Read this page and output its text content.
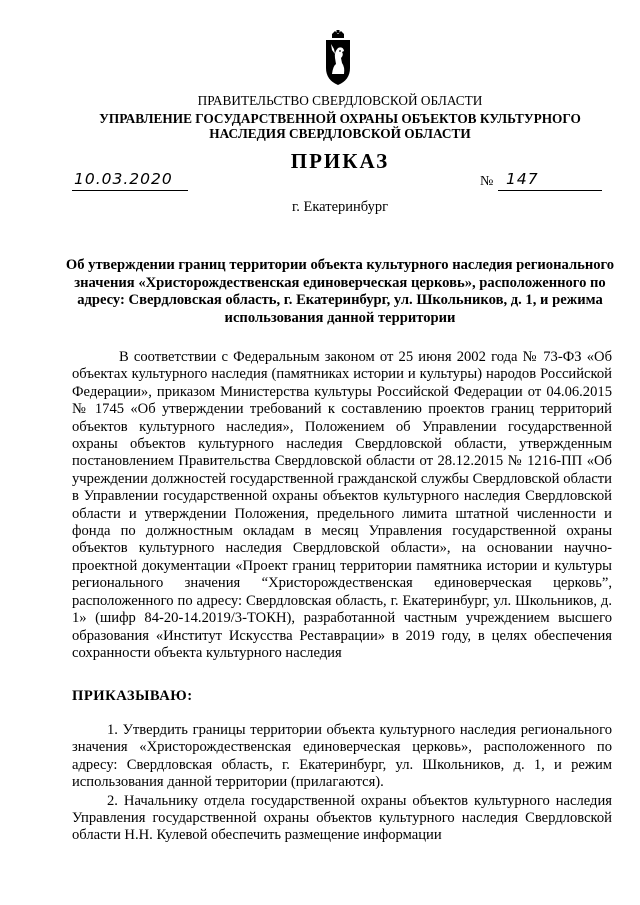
ПРАВИТЕЛЬСТВО СВЕРДЛОВСКОЙ ОБЛАСТИ
УПРАВЛЕНИЕ ГОСУДАРСТВЕННОЙ ОХРАНЫ ОБЪЕКТОВ КУЛЬТУРНОГО НАСЛЕДИЯ СВЕРДЛОВСКОЙ ОБЛАСТИ
ПРИКАЗ
10.03.2020	№ 147
г. Екатеринбург
Об утверждении границ территории объекта культурного наследия регионального значения «Христорождественская единоверческая церковь», расположенного по адресу: Свердловская область, г. Екатеринбург, ул. Школьников, д. 1, и режима использования данной территории

В соответствии с Федеральным законом от 25 июня 2002 года № 73-ФЗ «Об объектах культурного наследия (памятниках истории и культуры) народов Российской Федерации», приказом Министерства культуры Российской Федерации от 04.06.2015 № 1745 «Об утверждении требований к составлению проектов границ территорий объектов культурного наследия», Положением об Управлении государственной охраны объектов культурного наследия Свердловской области, утвержденным постановлением Правительства Свердловской области от 28.12.2015 № 1216-ПП «Об учреждении должностей государственной гражданской службы Свердловской области в Управлении государственной охраны объектов культурного наследия Свердловской области и утверждении Положения, предельного лимита штатной численности и фонда по должностным окладам в месяц Управления государственной охраны объектов культурного наследия Свердловской области», на основании научно-проектной документации «Проект границ территории памятника истории и культуры регионального значения “Христорождественская единоверческая церковь”, расположенного по адресу: Свердловская область, г. Екатеринбург, ул. Школьников, д. 1» (шифр 84-20-14.2019/3-ТОКН), разработанной частным учреждением высшего образования «Институт Искусства Реставрации» в 2019 году, в целях обеспечения сохранности объекта культурного наследия

ПРИКАЗЫВАЮ:

1. Утвердить границы территории объекта культурного наследия регионального значения «Христорождественская единоверческая церковь», расположенного по адресу: Свердловская область, г. Екатеринбург, ул. Школьников, д. 1, и режим использования данной территории (прилагаются).

2. Начальнику отдела государственной охраны объектов культурного наследия Управления государственной охраны объектов культурного наследия Свердловской области Н.Н. Кулевой обеспечить размещение информации
